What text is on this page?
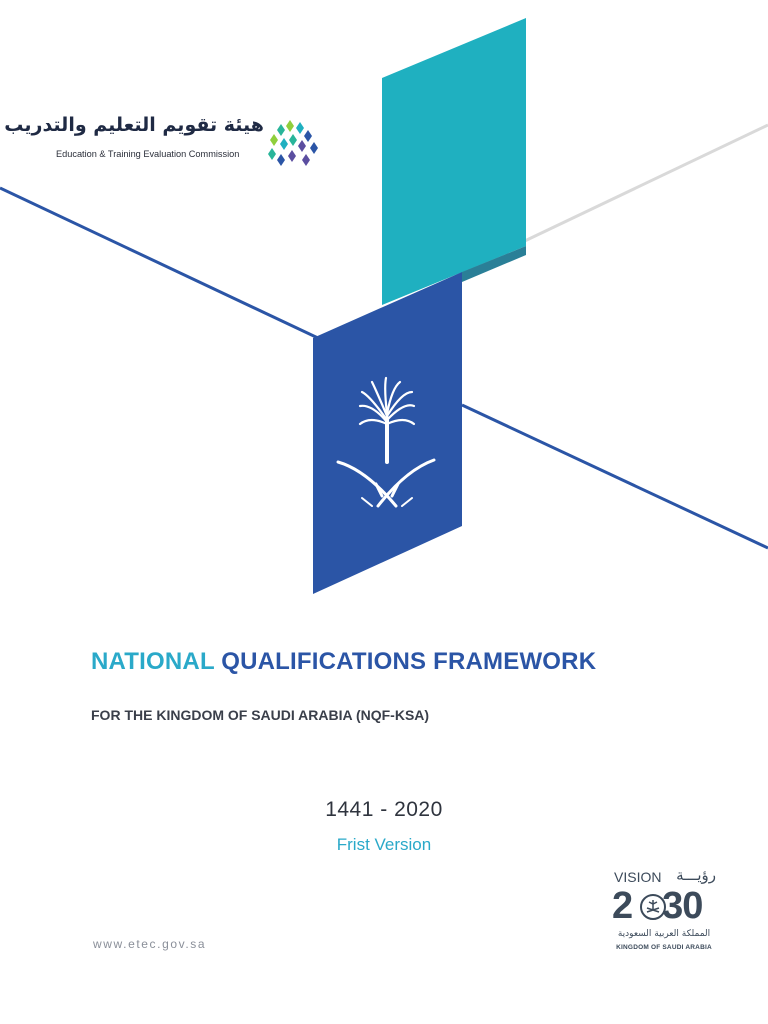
هيئة تقويم التعليم والتدريب
Education & Training Evaluation Commission
NATIONAL QUALIFICATIONS FRAMEWORK
FOR THE KINGDOM OF SAUDI ARABIA (NQF-KSA)
1441 - 2020
Frist Version
www.etec.gov.sa
VISION رؤيـــة
2 30
المملكة العربية السعودية
KINGDOM OF SAUDI ARABIA
